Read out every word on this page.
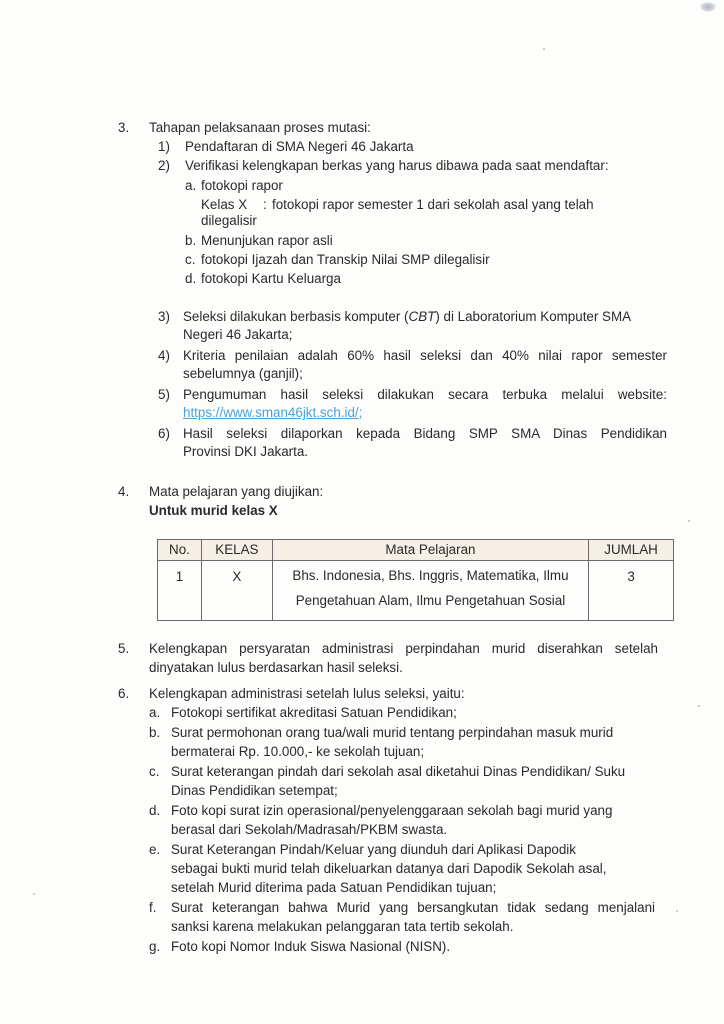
3. Tahapan pelaksanaan proses mutasi:
1) Pendaftaran di SMA Negeri 46 Jakarta
2) Verifikasi kelengkapan berkas yang harus dibawa pada saat mendaftar:
a. fotokopi rapor
Kelas X : fotokopi rapor semester 1 dari sekolah asal yang telah
dilegalisir
b. Menunjukan rapor asli
c. fotokopi Ijazah dan Transkip Nilai SMP dilegalisir
d. fotokopi Kartu Keluarga
3) Seleksi dilakukan berbasis komputer (CBT) di Laboratorium Komputer SMA
Negeri 46 Jakarta;
4) Kriteria penilaian adalah 60% hasil seleksi dan 40% nilai rapor semester
sebelumnya (ganjil);
5) Pengumuman hasil seleksi dilakukan secara terbuka melalui website:
https://www.sman46jkt.sch.id/;
6) Hasil seleksi dilaporkan kepada Bidang SMP SMA Dinas Pendidikan
Provinsi DKI Jakarta.
4. Mata pelajaran yang diujikan:
Untuk murid kelas X
No.	KELAS	Mata Pelajaran	JUMLAH
1	X	Bhs. Indonesia, Bhs. Inggris, Matematika, Ilmu
Pengetahuan Alam, Ilmu Pengetahuan Sosial	3
5. Kelengkapan persyaratan administrasi perpindahan murid diserahkan setelah
dinyatakan lulus berdasarkan hasil seleksi.
6. Kelengkapan administrasi setelah lulus seleksi, yaitu:
a. Fotokopi sertifikat akreditasi Satuan Pendidikan;
b. Surat permohonan orang tua/wali murid tentang perpindahan masuk murid
bermaterai Rp. 10.000,- ke sekolah tujuan;
c. Surat keterangan pindah dari sekolah asal diketahui Dinas Pendidikan/ Suku
Dinas Pendidikan setempat;
d. Foto kopi surat izin operasional/penyelenggaraan sekolah bagi murid yang
berasal dari Sekolah/Madrasah/PKBM swasta.
e. Surat Keterangan Pindah/Keluar yang diunduh dari Aplikasi Dapodik
sebagai bukti murid telah dikeluarkan datanya dari Dapodik Sekolah asal,
setelah Murid diterima pada Satuan Pendidikan tujuan;
f. Surat keterangan bahwa Murid yang bersangkutan tidak sedang menjalani
sanksi karena melakukan pelanggaran tata tertib sekolah.
g. Foto kopi Nomor Induk Siswa Nasional (NISN).
